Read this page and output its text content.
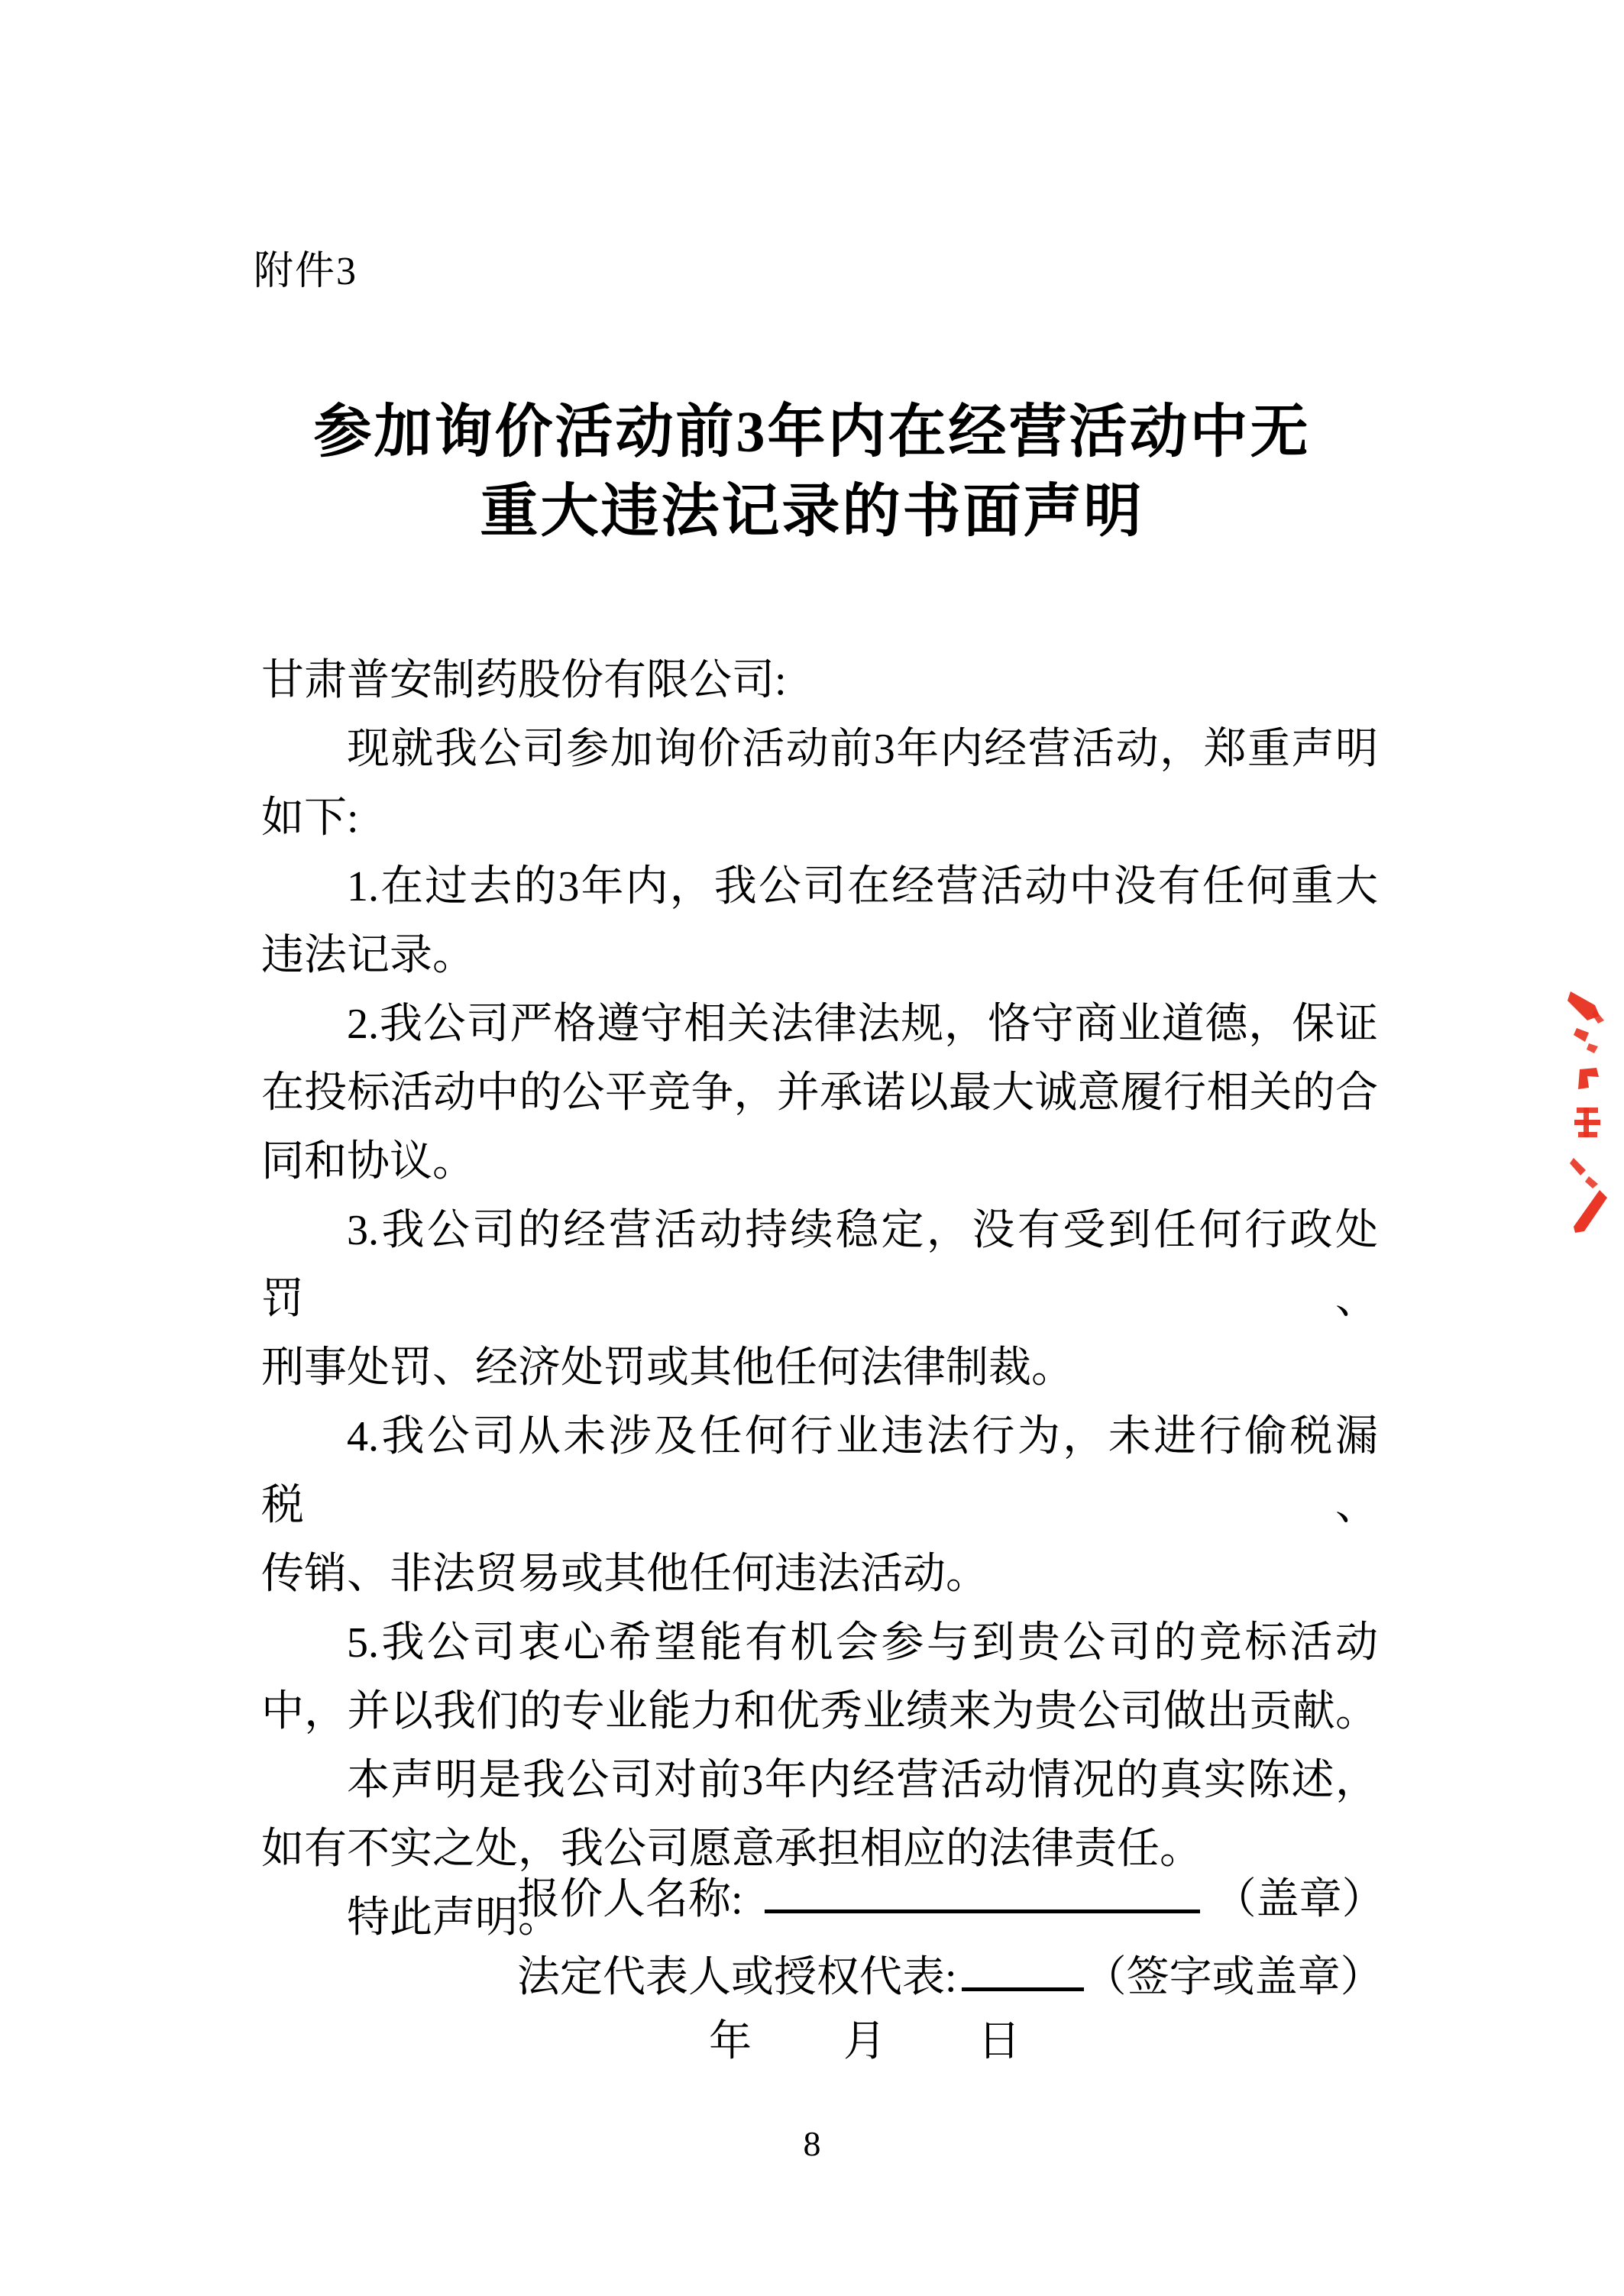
附件3
参加询价活动前3年内在经营活动中无
重大违法记录的书面声明
甘肃普安制药股份有限公司:
现就我公司参加询价活动前3年内经营活动，郑重声明
如下:
1.在过去的3年内，我公司在经营活动中没有任何重大
违法记录。
2.我公司严格遵守相关法律法规，恪守商业道德，保证
在投标活动中的公平竞争，并承诺以最大诚意履行相关的合
同和协议。
3.我公司的经营活动持续稳定，没有受到任何行政处罚、
刑事处罚、经济处罚或其他任何法律制裁。
4.我公司从未涉及任何行业违法行为，未进行偷税漏税、
传销、非法贸易或其他任何违法活动。
5.我公司衷心希望能有机会参与到贵公司的竞标活动
中，并以我们的专业能力和优秀业绩来为贵公司做出贡献。
本声明是我公司对前3年内经营活动情况的真实陈述，
如有不实之处，我公司愿意承担相应的法律责任。
特此声明。
报价人名称:	（盖章）
法定代表人或授权代表:	（签字或盖章）
年 月 日
8
